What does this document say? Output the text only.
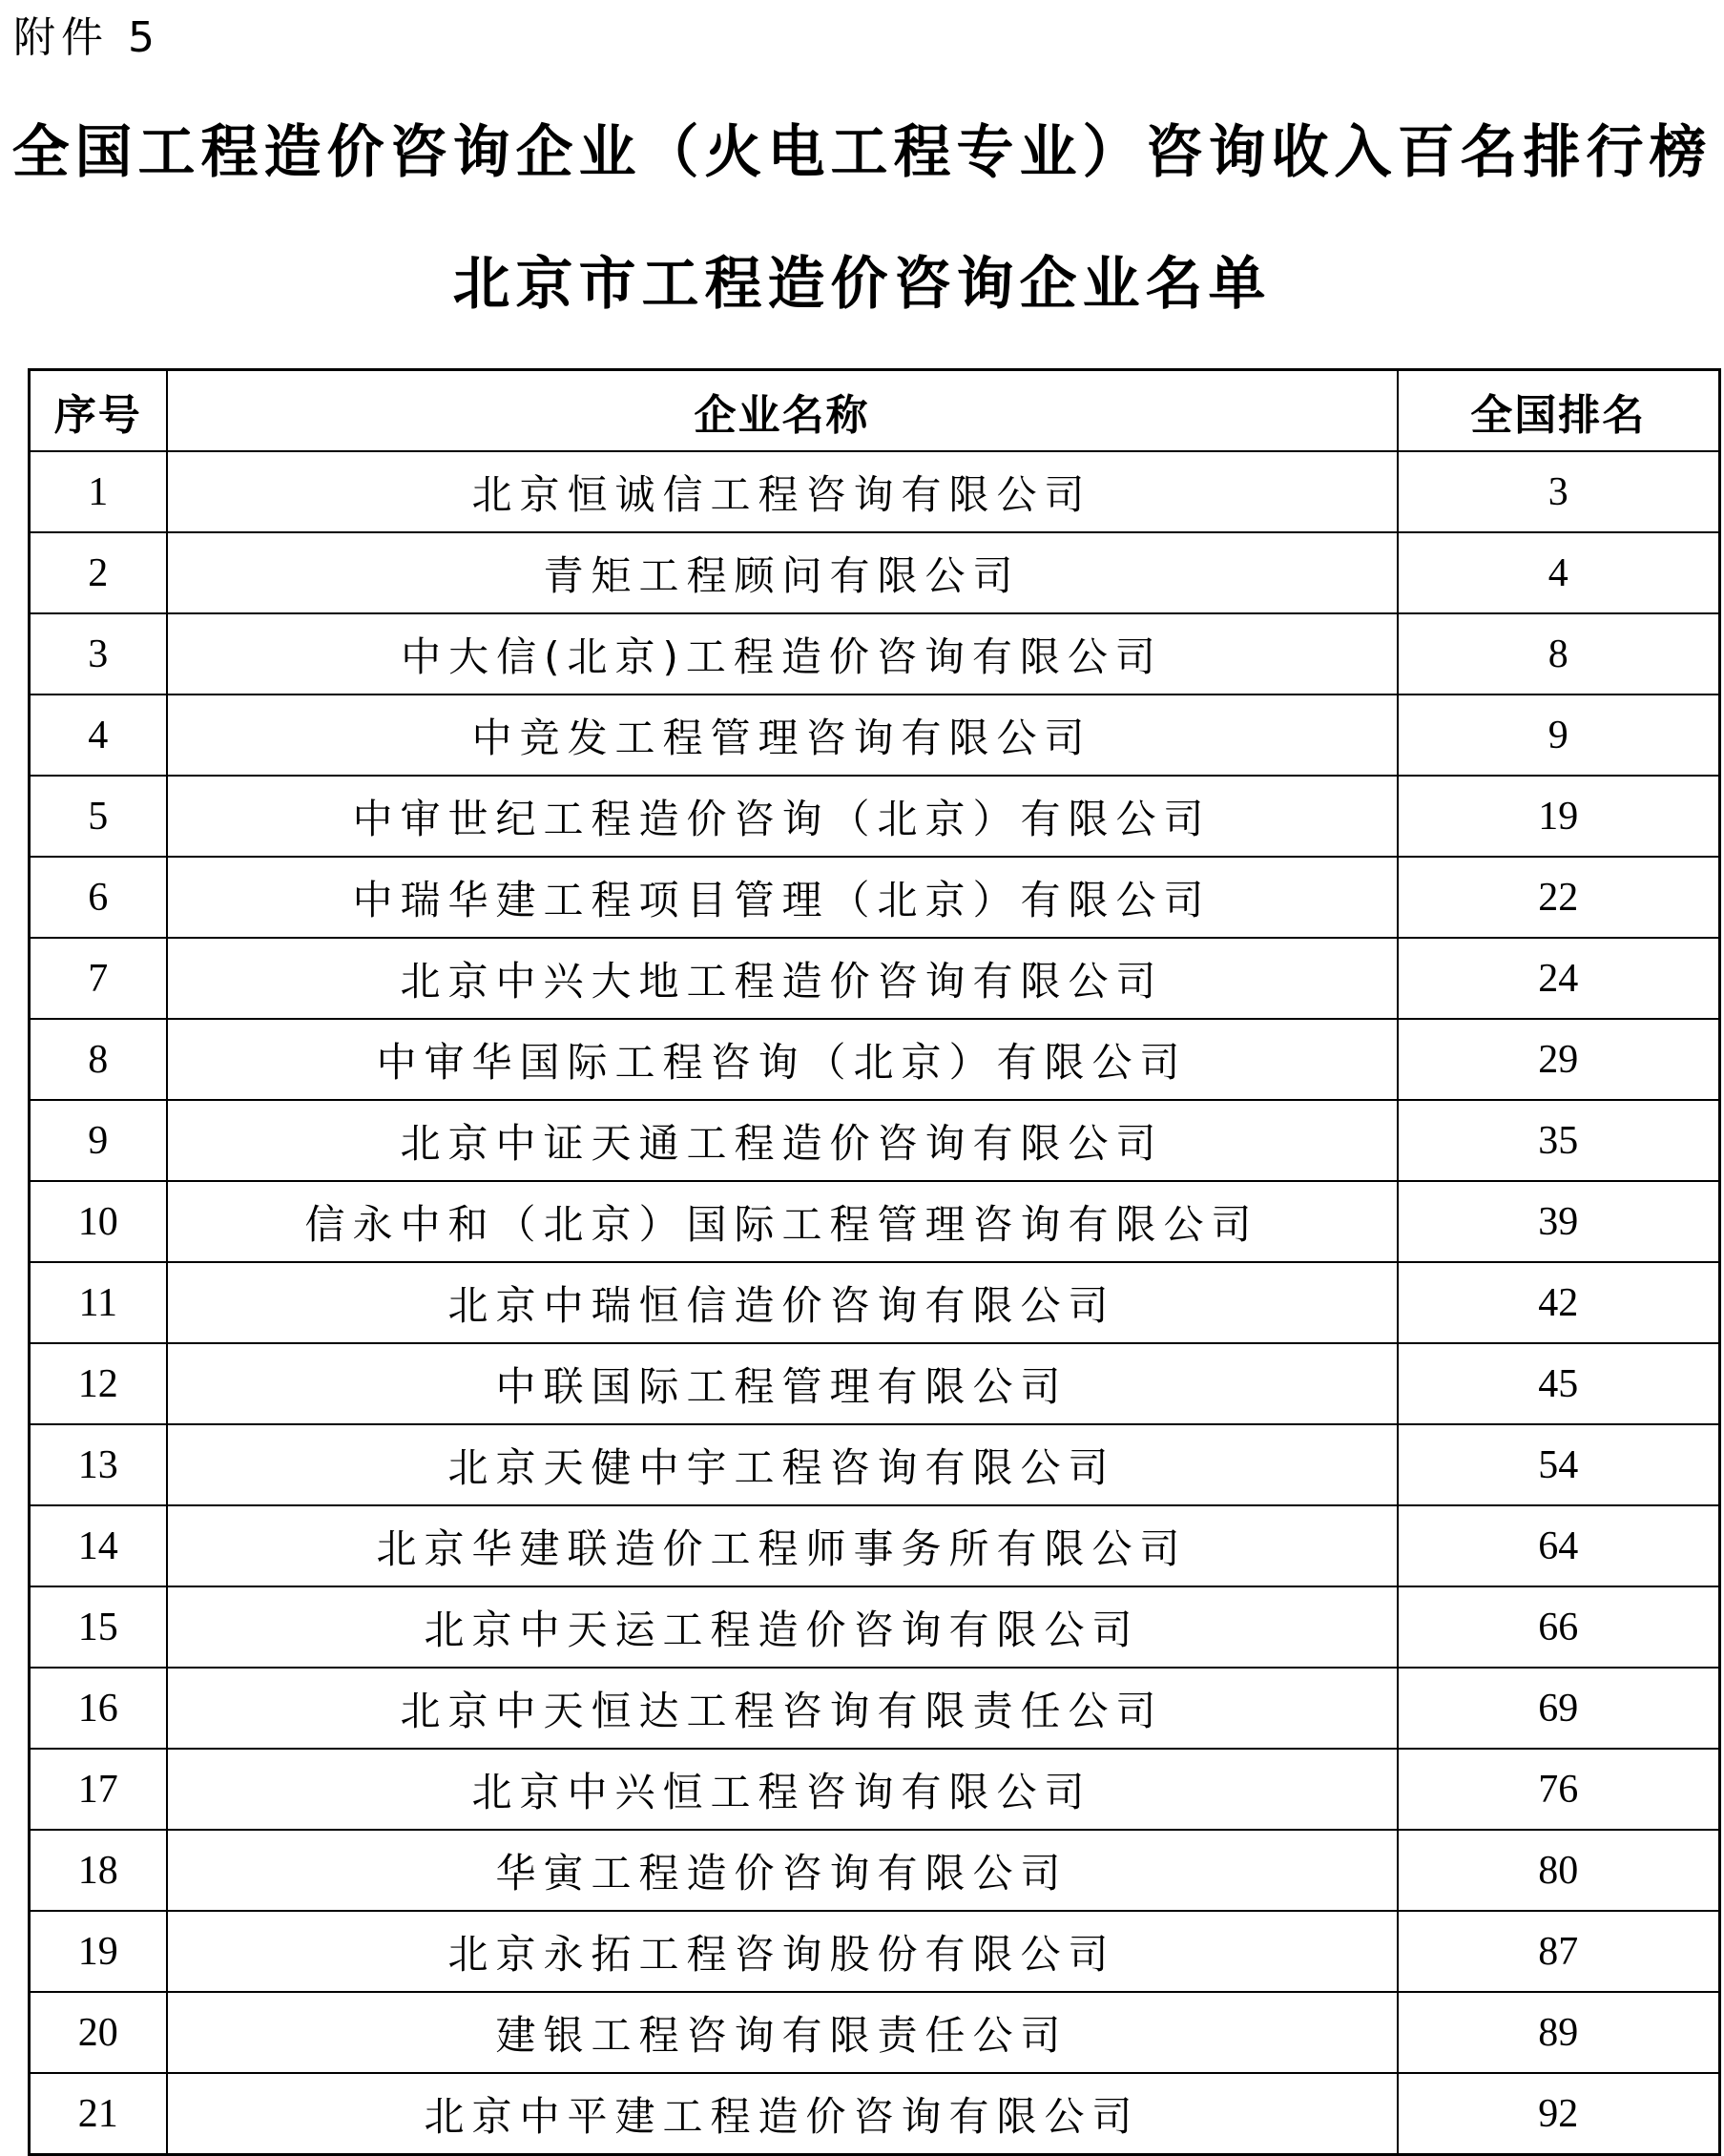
附件 5
全国工程造价咨询企业（火电工程专业）咨询收入百名排行榜
北京市工程造价咨询企业名单
序号	企业名称	全国排名
1	北京恒诚信工程咨询有限公司	3
2	青矩工程顾问有限公司	4
3	中大信(北京)工程造价咨询有限公司	8
4	中竞发工程管理咨询有限公司	9
5	中审世纪工程造价咨询（北京）有限公司	19
6	中瑞华建工程项目管理（北京）有限公司	22
7	北京中兴大地工程造价咨询有限公司	24
8	中审华国际工程咨询（北京）有限公司	29
9	北京中证天通工程造价咨询有限公司	35
10	信永中和（北京）国际工程管理咨询有限公司	39
11	北京中瑞恒信造价咨询有限公司	42
12	中联国际工程管理有限公司	45
13	北京天健中宇工程咨询有限公司	54
14	北京华建联造价工程师事务所有限公司	64
15	北京中天运工程造价咨询有限公司	66
16	北京中天恒达工程咨询有限责任公司	69
17	北京中兴恒工程咨询有限公司	76
18	华寅工程造价咨询有限公司	80
19	北京永拓工程咨询股份有限公司	87
20	建银工程咨询有限责任公司	89
21	北京中平建工程造价咨询有限公司	92
